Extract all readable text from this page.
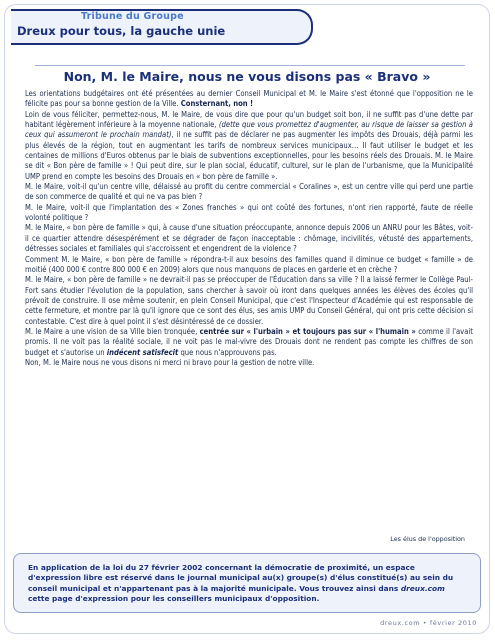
Tribune du Groupe
Dreux pour tous, la gauche unie
Non, M. le Maire, nous ne vous disons pas « Bravo »

Les orientations budgétaires ont été présentées au dernier Conseil Municipal et M. le Maire s'est étonné que l'opposition ne le félicite pas pour sa bonne gestion de la Ville. Consternant, non !

Loin de vous féliciter, permettez-nous, M. le Maire, de vous dire que pour qu'un budget soit bon, il ne suffit pas d'une dette par habitant légèrement inférieure à la moyenne nationale, (dette que vous promettez d'augmenter, au risque de laisser sa gestion à ceux qui assumeront le prochain mandat), il ne suffit pas de déclarer ne pas augmenter les impôts des Drouais, déjà parmi les plus élevés de la région, tout en augmentant les tarifs de nombreux services municipaux… Il faut utiliser le budget et les centaines de millions d'Euros obtenus par le biais de subventions exceptionnelles, pour les besoins réels des Drouais. M. le Maire se dit « Bon père de famille » ! Qui peut dire, sur le plan social, éducatif, culturel, sur le plan de l'urbanisme, que la Municipalité UMP prend en compte les besoins des Drouais en « bon père de famille ».

M. le Maire, voit-il qu'un centre ville, délaissé au profit du centre commercial « Coralines », est un centre ville qui perd une partie de son commerce de qualité et qui ne va pas bien ?

M. le Maire, voit-il que l'implantation des « Zones franches » qui ont coûté des fortunes, n'ont rien rapporté, faute de réelle volonté politique ?

M. le Maire, « bon père de famille » qui, à cause d'une situation préoccupante, annonce depuis 2006 un ANRU pour les Bâtes, voit-il ce quartier attendre désespérément et se dégrader de façon inacceptable : chômage, incivilités, vétusté des appartements, détresses sociales et familiales qui s'accroissent et engendrent de la violence ?

Comment M. le Maire, « bon père de famille » répondra-t-il aux besoins des familles quand il diminue ce budget « famille » de moitié (400 000 € contre 800 000 € en 2009) alors que nous manquons de places en garderie et en crèche ?

M. le Maire, « bon père de famille » ne devrait-il pas se préoccuper de l'Éducation dans sa ville ? Il a laissé fermer le Collège Paul-Fort sans étudier l'évolution de la population, sans chercher à savoir où iront dans quelques années les élèves des écoles qu'il prévoit de construire. Il ose même soutenir, en plein Conseil Municipal, que c'est l'Inspecteur d'Académie qui est responsable de cette fermeture, et montre par là qu'il ignore que ce sont des élus, ses amis UMP du Conseil Général, qui ont pris cette décision si contestable. C'est dire à quel point il s'est désintéressé de ce dossier.

M. le Maire a une vision de sa Ville bien tronquée, centrée sur « l'urbain » et toujours pas sur « l'humain » comme il l'avait promis. Il ne voit pas la réalité sociale, il ne voit pas le mal-vivre des Drouais dont ne rendent pas compte les chiffres de son budget et s'autorise un indécent satisfecit que nous n'approuvons pas.

Non, M. le Maire nous ne vous disons ni merci ni bravo pour la gestion de notre ville.

Les élus de l'opposition
En application de la loi du 27 février 2002 concernant la démocratie de proximité, un espace d'expression libre est réservé dans le journal municipal au(x) groupe(s) d'élus constitué(s) au sein du conseil municipal et n'appartenant pas à la majorité municipale. Vous trouvez ainsi dans dreux.com cette page d'expression pour les conseillers municipaux d'opposition.
dreux.com • février 2010
